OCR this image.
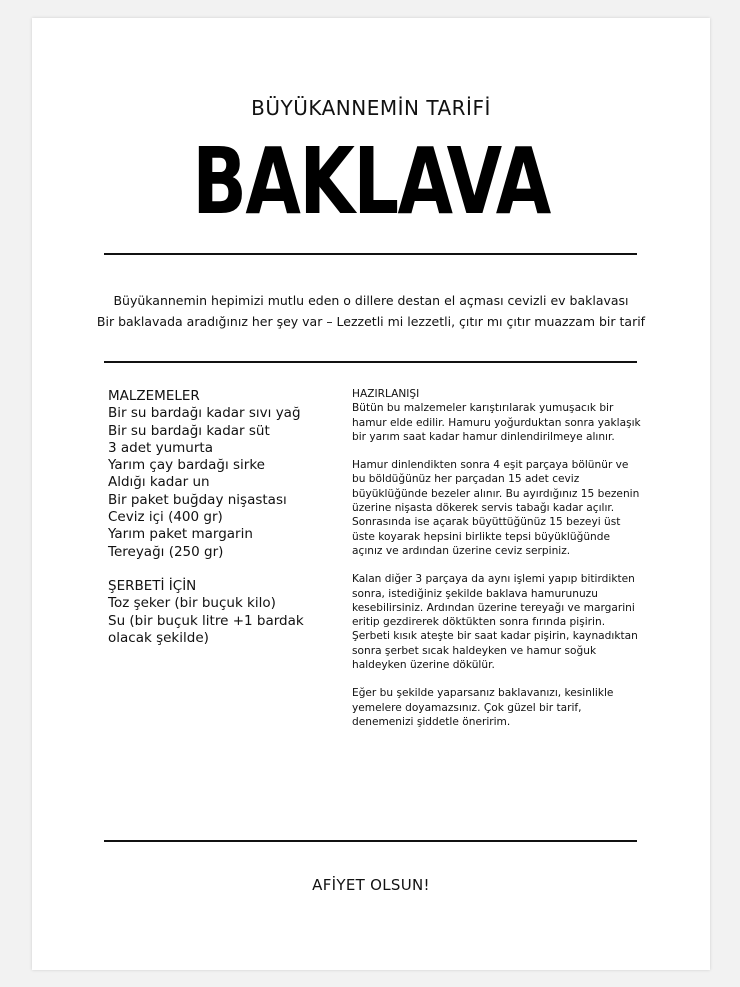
BÜYÜKANNEMİN TARİFİ
BAKLAVA
Büyükannemin hepimizi mutlu eden o dillere destan el açması cevizli ev baklavası
Bir baklavada aradığınız her şey var – Lezzetli mi lezzetli, çıtır mı çıtır muazzam bir tarif
MALZEMELER
Bir su bardağı kadar sıvı yağ
Bir su bardağı kadar süt
3 adet yumurta
Yarım çay bardağı sirke
Aldığı kadar un
Bir paket buğday nişastası
Ceviz içi (400 gr)
Yarım paket margarin
Tereyağı (250 gr)
ŞERBETİ İÇİN
Toz şeker (bir buçuk kilo)
Su (bir buçuk litre +1 bardak
olacak şekilde)
HAZIRLANIŞI

Bütün bu malzemeler karıştırılarak yumuşacık bir hamur elde edilir. Hamuru yoğurduktan sonra yaklaşık bir yarım saat kadar hamur dinlendirilmeye alınır.

Hamur dinlendikten sonra 4 eşit parçaya bölünür ve bu böldüğünüz her parçadan 15 adet ceviz büyüklüğünde bezeler alınır. Bu ayırdığınız 15 bezenin üzerine nişasta dökerek servis tabağı kadar açılır. Sonrasında ise açarak büyüttüğünüz 15 bezeyi üst üste koyarak hepsini birlikte tepsi büyüklüğünde açınız ve ardından üzerine ceviz serpiniz.

Kalan diğer 3 parçaya da aynı işlemi yapıp bitirdikten sonra, istediğiniz şekilde baklava hamurunuzu kesebilirsiniz. Ardından üzerine tereyağı ve margarini eritip gezdirerek döktükten sonra fırında pişirin. Şerbeti kısık ateşte bir saat kadar pişirin, kaynadıktan sonra şerbet sıcak haldeyken ve hamur soğuk haldeyken üzerine dökülür.

Eğer bu şekilde yaparsanız baklavanızı, kesinlikle yemelere doyamazsınız. Çok güzel bir tarif, denemenizi şiddetle öneririm.

AFİYET OLSUN!
